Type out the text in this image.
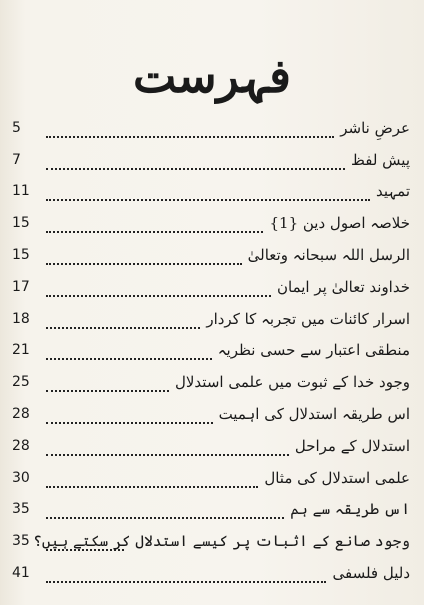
فہرست
5	عرضِ ناشر
7	پیش لفظ
11	تمہید
15	خلاصہ اصول دین {1}
15	الرسل اللہ سبحانہ وتعالیٰ
17	خداوند تعالیٰ پر ایمان
18	اسرار کائنات میں تجربہ کا کردار
21	منطقی اعتبار سے حسی نظریہ
25	وجود خدا کے ثبوت میں علمی استدلال
28	اس طریقہ استدلال کی اہمیت
28	استدلال کے مراحل
30	علمی استدلال کی مثال
35	اس طریقہ سے ہم
35 وجود صانع کے اثبات پر کیسے استدلال کر سکتے ہیں؟
41	دلیل فلسفی
